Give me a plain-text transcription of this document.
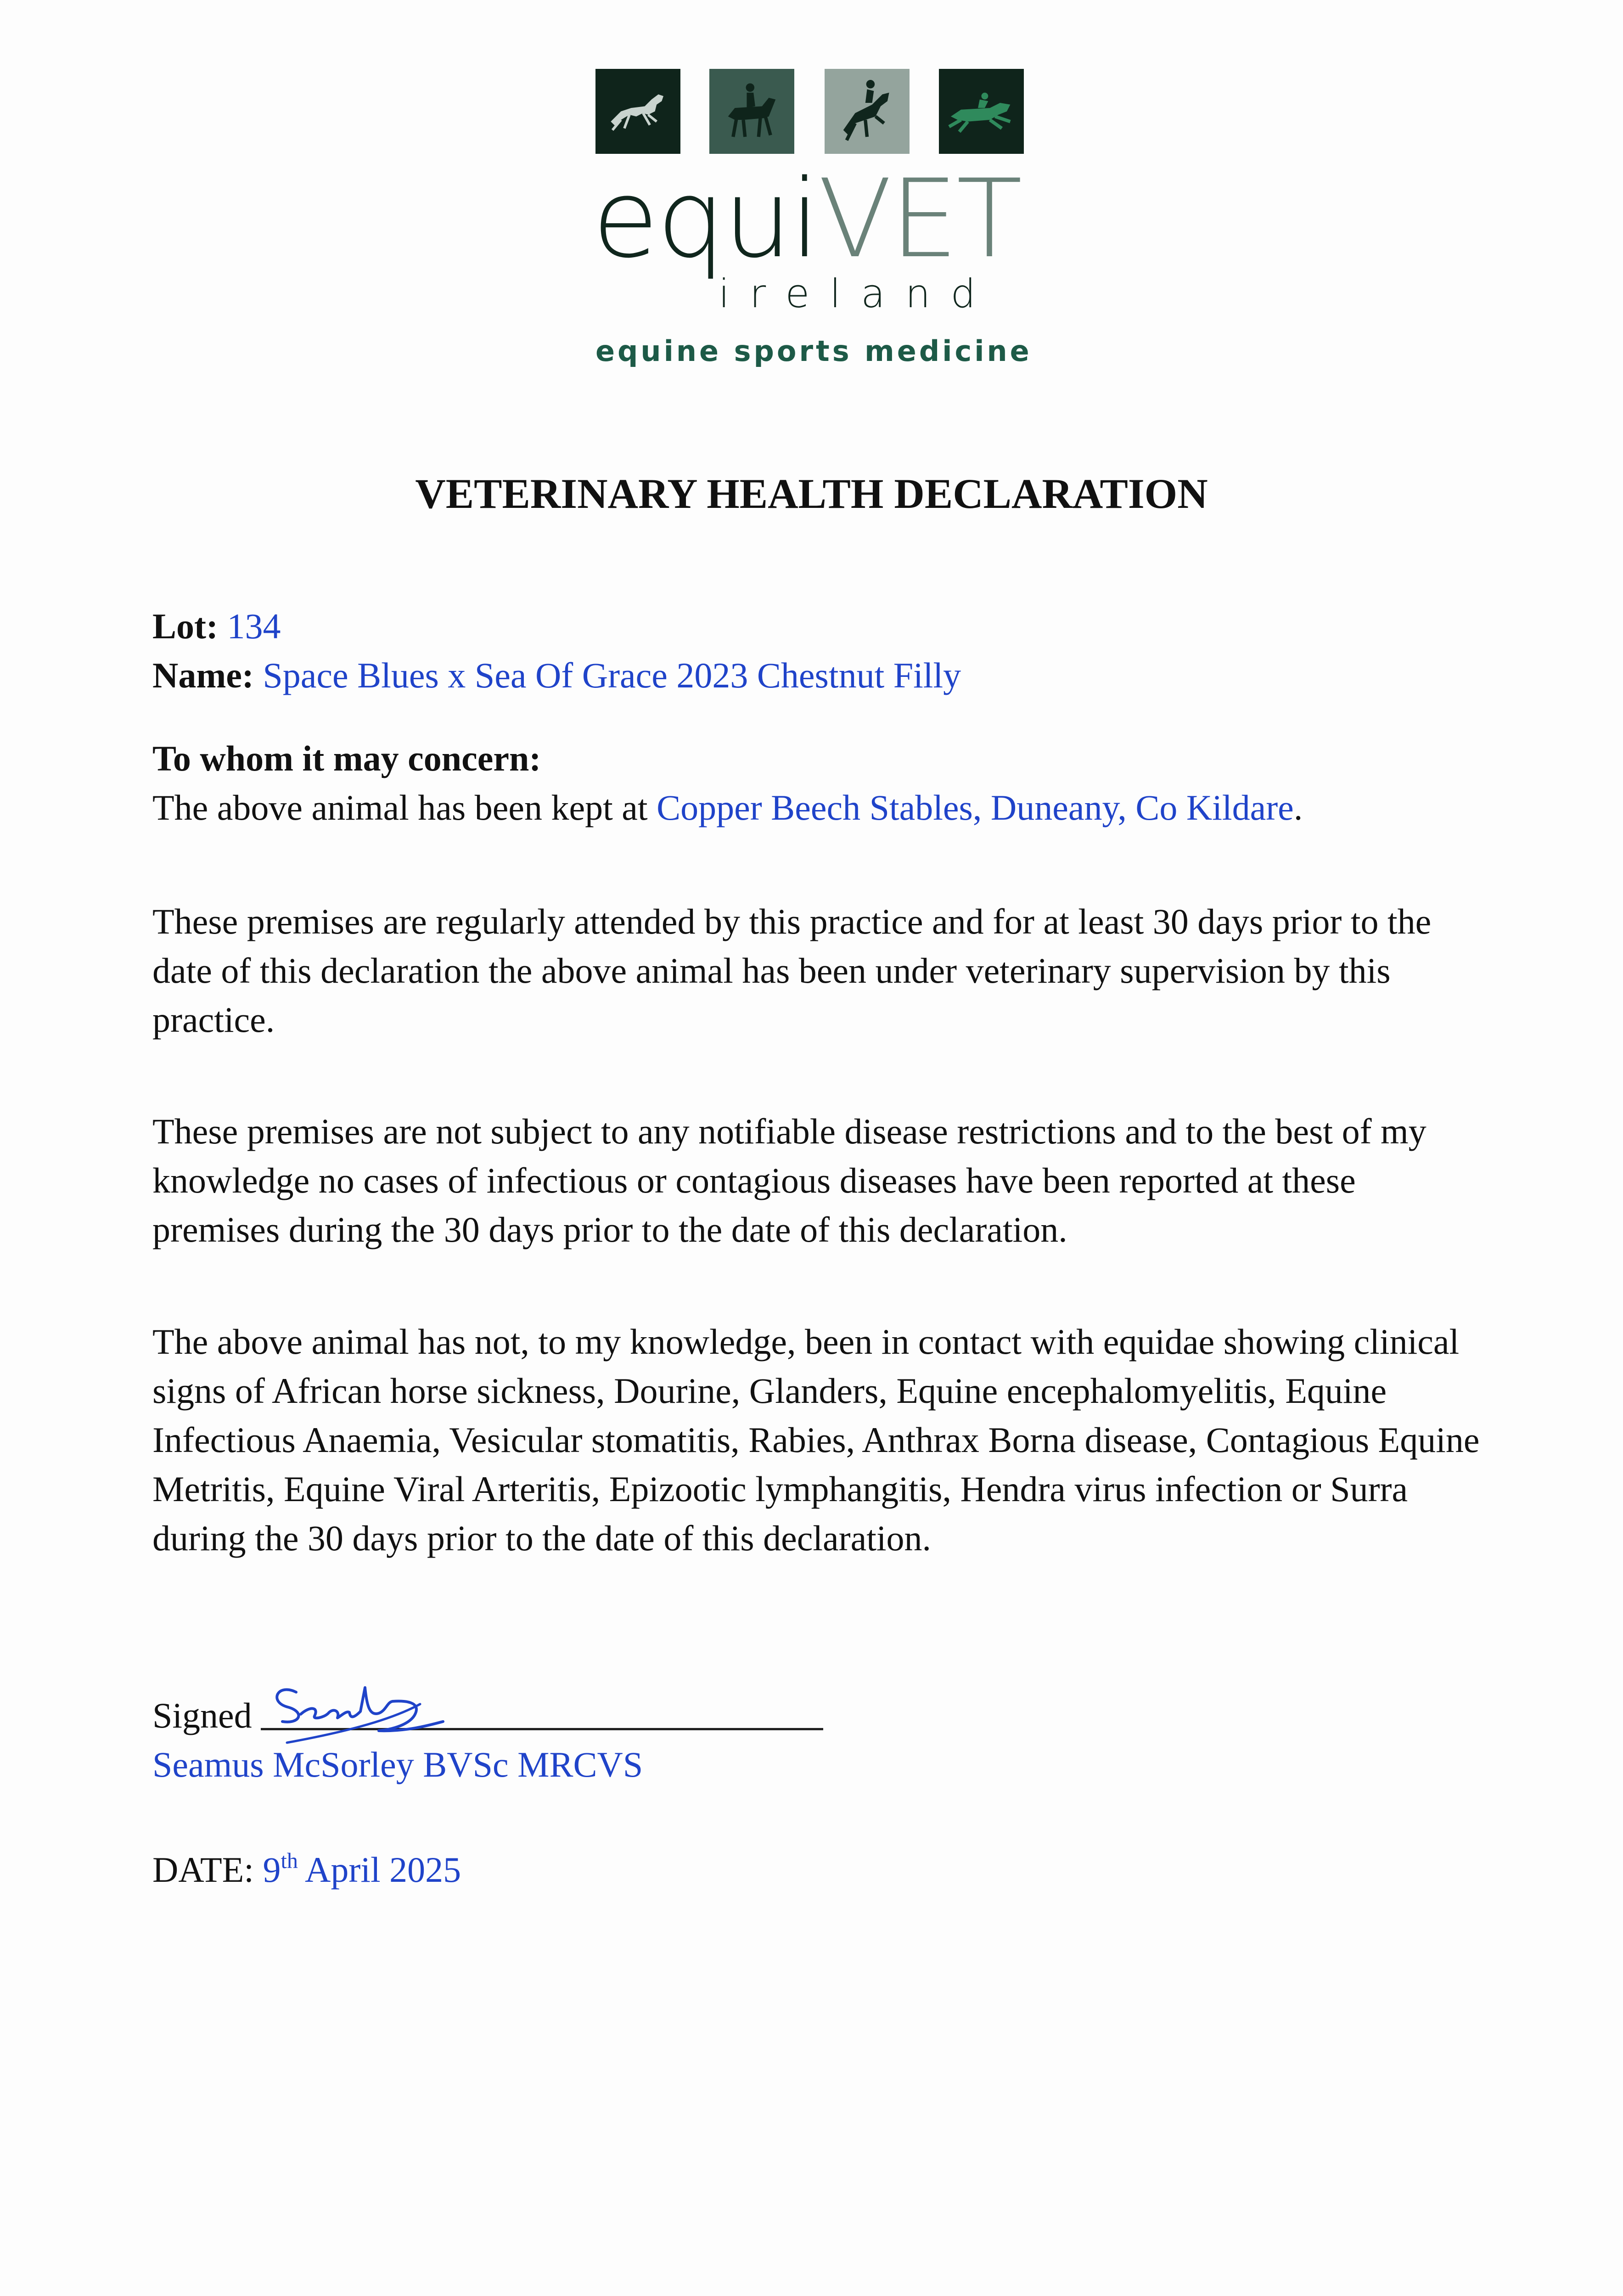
equiVET
ireland
equine sports medicine
VETERINARY HEALTH DECLARATION

Lot: 134

Name: Space Blues x Sea Of Grace 2023 Chestnut Filly

To whom it may concern:

The above animal has been kept at Copper Beech Stables, Duneany, Co Kildare.

These premises are regularly attended by this practice and for at least 30 days prior to the date of this declaration the above animal has been under veterinary supervision by this practice.
These premises are not subject to any notifiable disease restrictions and to the best of my knowledge no cases of infectious or contagious diseases have been reported at these premises during the 30 days prior to the date of this declaration.
The above animal has not, to my knowledge, been in contact with equidae showing clinical signs of African horse sickness, Dourine, Glanders, Equine encephalomyelitis, Equine Infectious Anaemia, Vesicular stomatitis, Rabies, Anthrax Borna disease, Contagious Equine Metritis, Equine Viral Arteritis, Epizootic lymphangitis, Hendra virus infection or Surra during the 30 days prior to the date of this declaration.

Signed

Seamus McSorley BVSc MRCVS

DATE: 9th April 2025
